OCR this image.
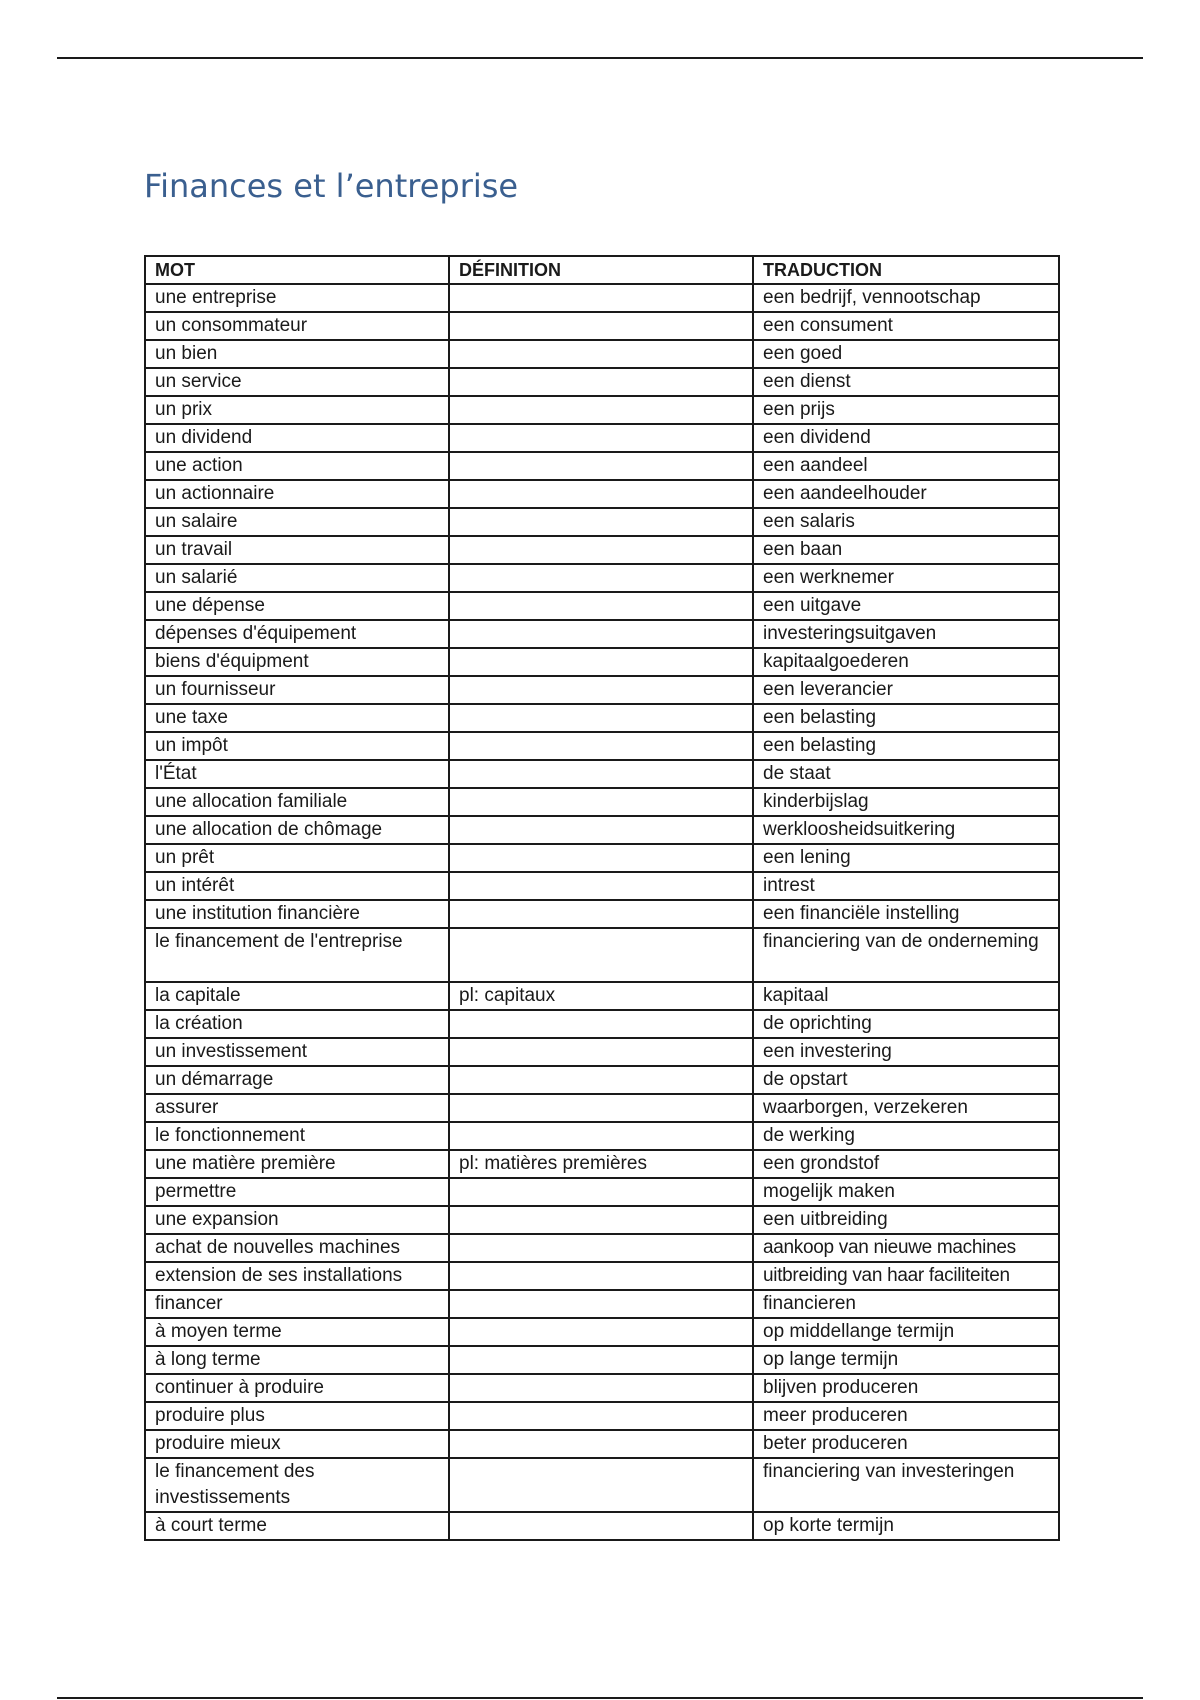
Finances et l’entreprise
MOT	DÉFINITION	TRADUCTION
une entreprise		een bedrijf, vennootschap
un consommateur		een consument
un bien		een goed
un service		een dienst
un prix		een prijs
un dividend		een dividend
une action		een aandeel
un actionnaire		een aandeelhouder
un salaire		een salaris
un travail		een baan
un salarié		een werknemer
une dépense		een uitgave
dépenses d'équipement		investeringsuitgaven
biens d'équipment		kapitaalgoederen
un fournisseur		een leverancier
une taxe		een belasting
un impôt		een belasting
l'État		de staat
une allocation familiale		kinderbijslag
une allocation de chômage		werkloosheidsuitkering
un prêt		een lening
un intérêt		intrest
une institution financière		een financiële instelling
le financement de l'entreprise		financiering van de onderneming
la capitale	pl: capitaux	kapitaal
la création		de oprichting
un investissement		een investering
un démarrage		de opstart
assurer		waarborgen, verzekeren
le fonctionnement		de werking
une matière première	pl: matières premières	een grondstof
permettre		mogelijk maken
une expansion		een uitbreiding
achat de nouvelles machines		aankoop van nieuwe machines
extension de ses installations		uitbreiding van haar faciliteiten
financer		financieren
à moyen terme		op middellange termijn
à long terme		op lange termijn
continuer à produire		blijven produceren
produire plus		meer produceren
produire mieux		beter produceren
le financement des investissements		financiering van investeringen
à court terme		op korte termijn
